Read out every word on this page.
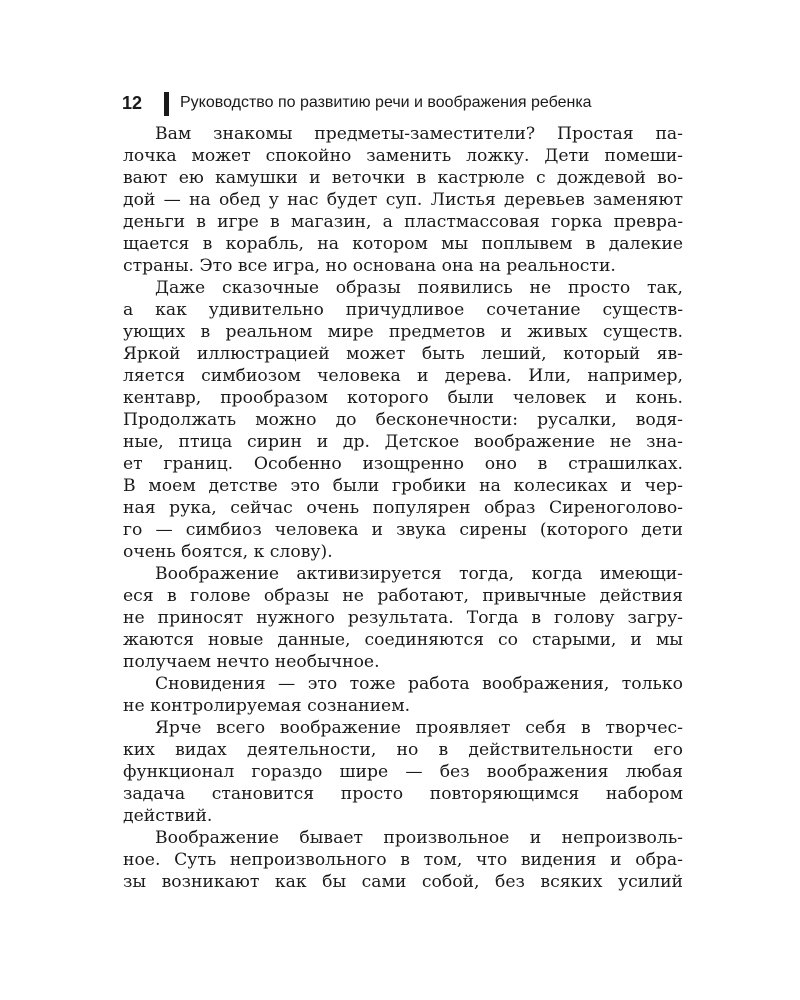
12 Руководство по развитию речи и воображения ребенка
Вам знакомы предметы-заместители? Простая па-
лочка может спокойно заменить ложку. Дети помеши-
вают ею камушки и веточки в кастрюле с дождевой во-
дой — на обед у нас будет суп. Листья деревьев заменяют
деньги в игре в магазин, а пластмассовая горка превра-
щается в корабль, на котором мы поплывем в далекие
страны. Это все игра, но основана она на реальности.
Даже сказочные образы появились не просто так,
а как удивительно причудливое сочетание существ-
ующих в реальном мире предметов и живых существ.
Яркой иллюстрацией может быть леший, который яв-
ляется симбиозом человека и дерева. Или, например,
кентавр, прообразом которого были человек и конь.
Продолжать можно до бесконечности: русалки, водя-
ные, птица сирин и др. Детское воображение не зна-
ет границ. Особенно изощренно оно в страшилках.
В моем детстве это были гробики на колесиках и чер-
ная рука, сейчас очень популярен образ Сиреноголово-
го — симбиоз человека и звука сирены (которого дети
очень боятся, к слову).
Воображение активизируется тогда, когда имеющи-
еся в голове образы не работают, привычные действия
не приносят нужного результата. Тогда в голову загру-
жаются новые данные, соединяются со старыми, и мы
получаем нечто необычное.
Сновидения — это тоже работа воображения, только
не контролируемая сознанием.
Ярче всего воображение проявляет себя в творчес-
ких видах деятельности, но в действительности его
функционал гораздо шире — без воображения любая
задача становится просто повторяющимся набором
действий.
Воображение бывает произвольное и непроизволь-
ное. Суть непроизвольного в том, что видения и обра-
зы возникают как бы сами собой, без всяких усилий
